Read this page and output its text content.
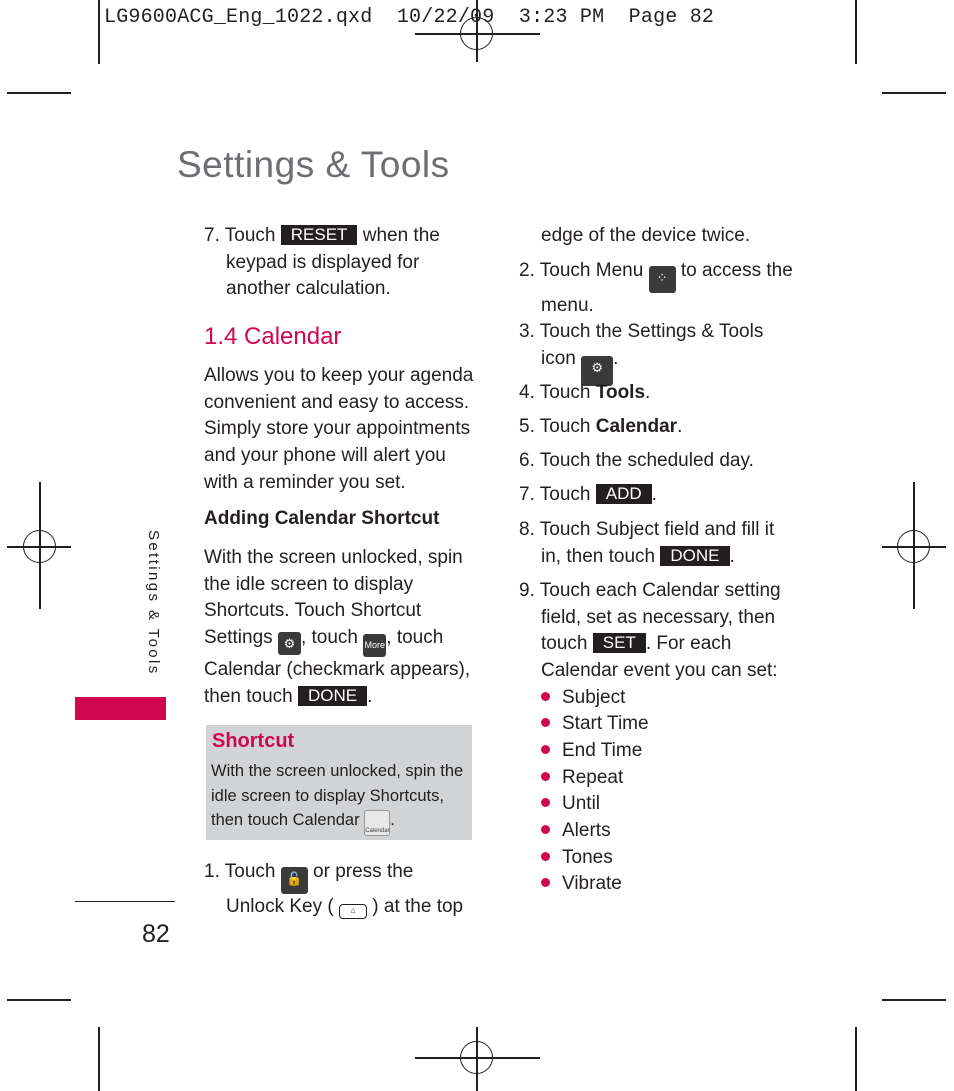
LG9600ACG_Eng_1022.qxd  10/22/09  3:23 PM  Page 82
Settings & Tools
Settings & Tools
82
7. Touch RESET when the
keypad is displayed for
another calculation.
1.4 Calendar
Allows you to keep your agenda
convenient and easy to access.
Simply store your appointments
and your phone will alert you
with a reminder you set.
Adding Calendar Shortcut
With the screen unlocked, spin
the idle screen to display
Shortcuts. Touch Shortcut
Settings ⚙ , touch More, touch
Calendar (checkmark appears),
then touch DONE .
Shortcut
With the screen unlocked, spin the
idle screen to display Shortcuts,
then touch Calendar Calendar.
1. Touch 🔓 or press the
Unlock Key ( ⌂ ) at the top
edge of the device twice.
2. Touch Menu ⁘ to access the
menu.
3. Touch the Settings & Tools
icon ⚙ .
4. Touch Tools.
5. Touch Calendar.
6. Touch the scheduled day.
7. Touch ADD .
8. Touch Subject field and fill it
in, then touch DONE .
9. Touch each Calendar setting
field, set as necessary, then
touch SET . For each
Calendar event you can set:
Subject
Start Time
End Time
Repeat
Until
Alerts
Tones
Vibrate
